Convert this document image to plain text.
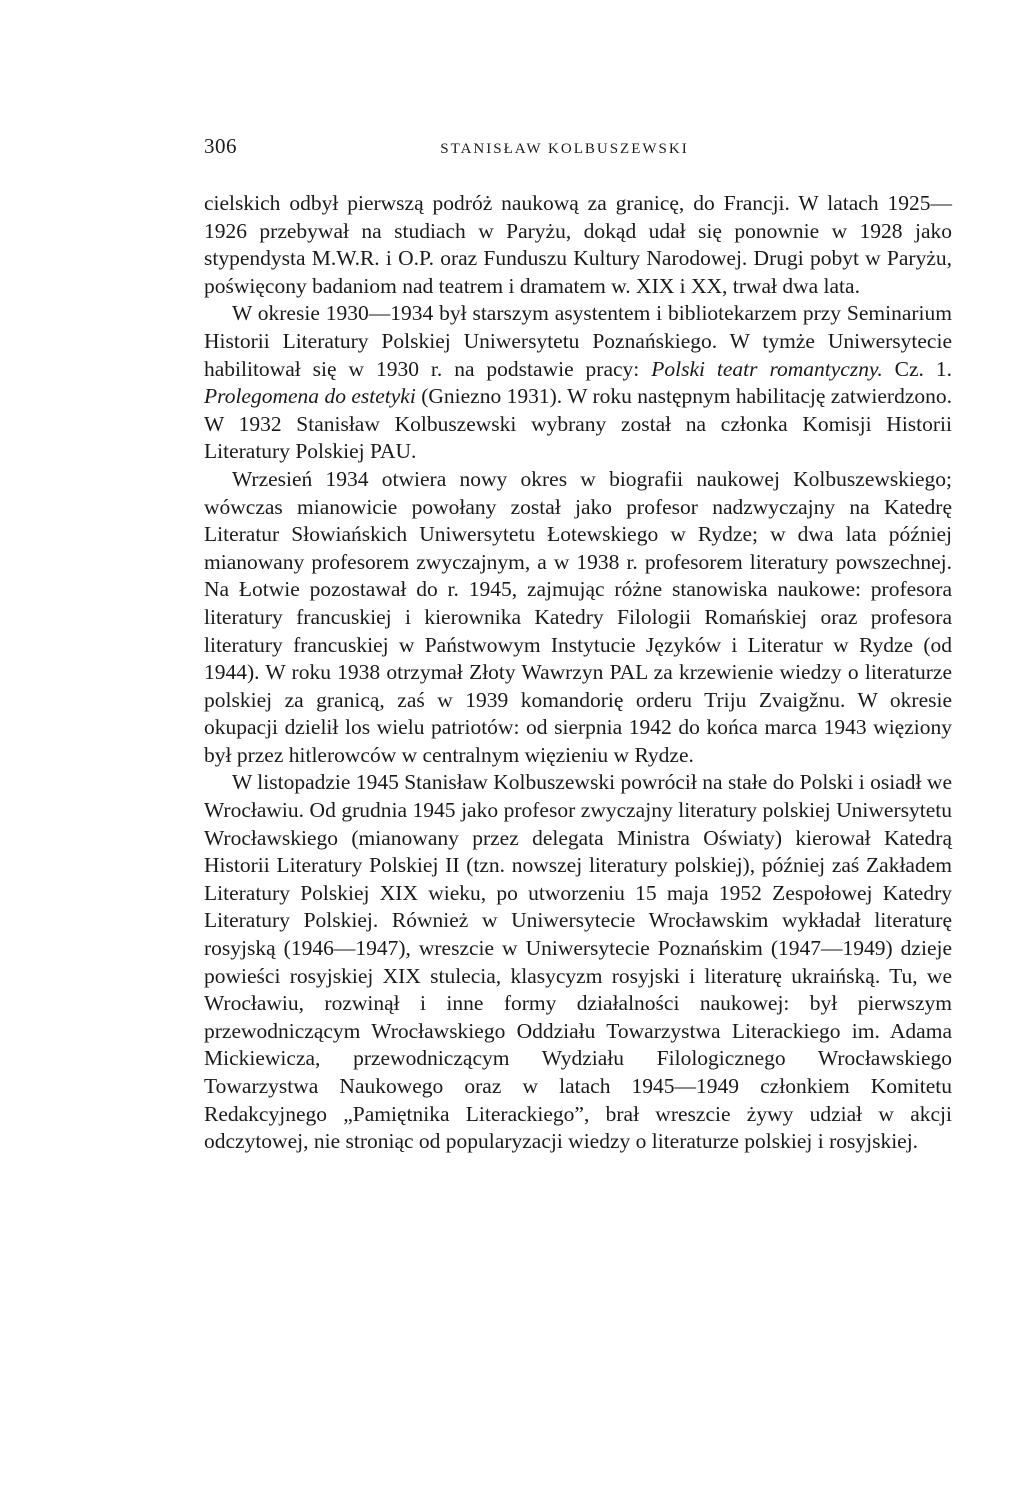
306	STANISŁAW KOLBUSZEWSKI

cielskich odbył pierwszą podróż naukową za granicę, do Francji. W latach 1925—1926 przebywał na studiach w Paryżu, dokąd udał się ponownie w 1928 jako stypendysta M.W.R. i O.P. oraz Funduszu Kultury Narodowej. Drugi pobyt w Paryżu, poświęcony badaniom nad teatrem i dramatem w. XIX i XX, trwał dwa lata.

W okresie 1930—1934 był starszym asystentem i bibliotekarzem przy Seminarium Historii Literatury Polskiej Uniwersytetu Poznańskiego. W tymże Uniwersytecie habilitował się w 1930 r. na podstawie pracy: Polski teatr romantyczny. Cz. 1. Prolegomena do estetyki (Gniezno 1931). W roku następnym habilitację zatwierdzono. W 1932 Stanisław Kolbuszewski wybrany został na członka Komisji Historii Literatury Polskiej PAU.

Wrzesień 1934 otwiera nowy okres w biografii naukowej Kolbuszewskiego; wówczas mianowicie powołany został jako profesor nadzwyczajny na Katedrę Literatur Słowiańskich Uniwersytetu Łotewskiego w Rydze; w dwa lata później mianowany profesorem zwyczajnym, a w 1938 r. profesorem literatury powszechnej. Na Łotwie pozostawał do r. 1945, zajmując różne stanowiska naukowe: profesora literatury francuskiej i kierownika Katedry Filologii Romańskiej oraz profesora literatury francuskiej w Państwowym Instytucie Języków i Literatur w Rydze (od 1944). W roku 1938 otrzymał Złoty Wawrzyn PAL za krzewienie wiedzy o literaturze polskiej za granicą, zaś w 1939 komandorię orderu Triju Zvaigžnu. W okresie okupacji dzielił los wielu patriotów: od sierpnia 1942 do końca marca 1943 więziony był przez hitlerowców w centralnym więzieniu w Rydze.

W listopadzie 1945 Stanisław Kolbuszewski powrócił na stałe do Polski i osiadł we Wrocławiu. Od grudnia 1945 jako profesor zwyczajny literatury polskiej Uniwersytetu Wrocławskiego (mianowany przez delegata Ministra Oświaty) kierował Katedrą Historii Literatury Polskiej II (tzn. nowszej literatury polskiej), później zaś Zakładem Literatury Polskiej XIX wieku, po utworzeniu 15 maja 1952 Zespołowej Katedry Literatury Polskiej. Również w Uniwersytecie Wrocławskim wykładał literaturę rosyjską (1946—1947), wreszcie w Uniwersytecie Poznańskim (1947—1949) dzieje powieści rosyjskiej XIX stulecia, klasycyzm rosyjski i literaturę ukraińską. Tu, we Wrocławiu, rozwinął i inne formy działalności naukowej: był pierwszym przewodniczącym Wrocławskiego Oddziału Towarzystwa Literackiego im. Adama Mickiewicza, przewodniczącym Wydziału Filologicznego Wrocławskiego Towarzystwa Naukowego oraz w latach 1945—1949 członkiem Komitetu Redakcyjnego „Pamiętnika Literackiego”, brał wreszcie żywy udział w akcji odczytowej, nie stroniąc od popularyzacji wiedzy o literaturze polskiej i rosyjskiej.
